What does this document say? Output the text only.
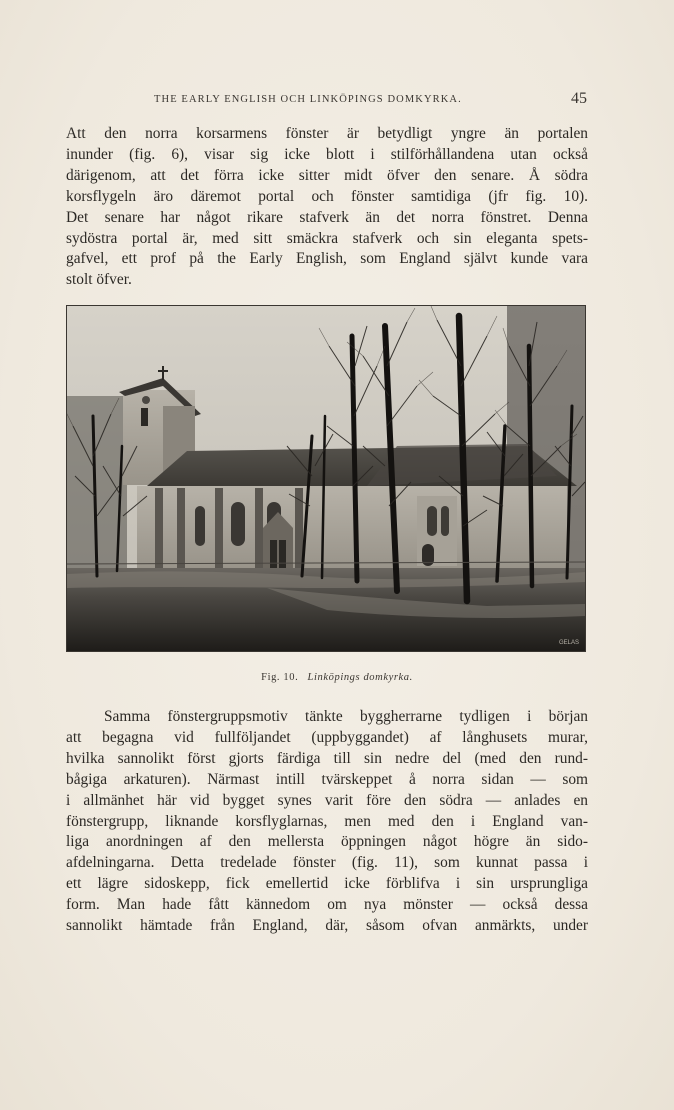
THE EARLY ENGLISH OCH LINKÖPINGS DOMKYRKA.	45

Att den norra korsarmens fönster är betydligt yngre än portalen
inunder (fig. 6), visar sig icke blott i stilförhållandena utan också
därigenom, att det förra icke sitter midt öfver den senare. Å södra
korsflygeln äro däremot portal och fönster samtidiga (jfr fig. 10).
Det senare har något rikare stafverk än det norra fönstret. Denna
sydöstra portal är, med sitt smäckra stafverk och sin eleganta spets-
gafvel, ett prof på the Early English, som England självt kunde vara
stolt öfver.

GELAS
Fig. 10. Linköpings domkyrka.

Samma fönstergruppsmotiv tänkte byggherrarne tydligen i början
att begagna vid fullföljandet (uppbyggandet) af långhusets murar,
hvilka sannolikt först gjorts färdiga till sin nedre del (med den rund-
bågiga arkaturen). Närmast intill tvärskeppet å norra sidan — som
i allmänhet här vid bygget synes varit före den södra — anlades en
fönstergrupp, liknande korsflyglarnas, men med den i England van-
liga anordningen af den mellersta öppningen något högre än sido-
afdelningarna. Detta tredelade fönster (fig. 11), som kunnat passa i
ett lägre sidoskepp, fick emellertid icke förblifva i sin ursprungliga
form. Man hade fått kännedom om nya mönster — också dessa
sannolikt hämtade från England, där, såsom ofvan anmärkts, under
